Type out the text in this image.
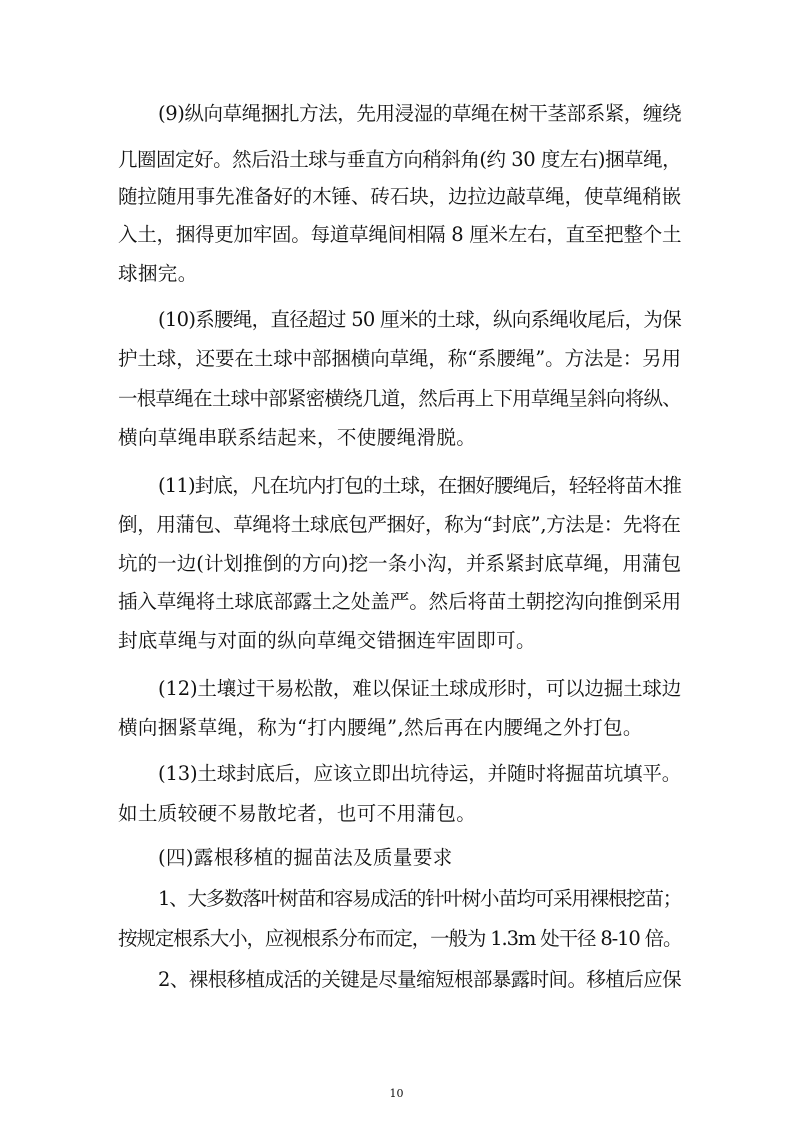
(9)纵向草绳捆扎方法，先用浸湿的草绳在树干茎部系紧，缠绕
几圈固定好。然后沿土球与垂直方向稍斜角(约 30 度左右)捆草绳，
随拉随用事先准备好的木锤、砖石块，边拉边敲草绳，使草绳稍嵌
入土，捆得更加牢固。每道草绳间相隔 8 厘米左右，直至把整个土
球捆完。
(10)系腰绳，直径超过 50 厘米的土球，纵向系绳收尾后，为保
护土球，还要在土球中部捆横向草绳，称“系腰绳”。方法是：另用
一根草绳在土球中部紧密横绕几道，然后再上下用草绳呈斜向将纵、
横向草绳串联系结起来，不使腰绳滑脱。
(11)封底，凡在坑内打包的土球，在捆好腰绳后，轻轻将苗木推
倒，用蒲包、草绳将土球底包严捆好，称为“封底”,方法是：先将在
坑的一边(计划推倒的方向)挖一条小沟，并系紧封底草绳，用蒲包
插入草绳将土球底部露土之处盖严。然后将苗土朝挖沟向推倒采用
封底草绳与对面的纵向草绳交错捆连牢固即可。
(12)土壤过干易松散，难以保证土球成形时，可以边掘土球边
横向捆紧草绳，称为“打内腰绳”,然后再在内腰绳之外打包。
(13)土球封底后，应该立即出坑待运，并随时将掘苗坑填平。
如土质较硬不易散坨者，也可不用蒲包。
(四)露根移植的掘苗法及质量要求
1、大多数落叶树苗和容易成活的针叶树小苗均可采用裸根挖苗；
按规定根系大小，应视根系分布而定，一般为 1.3m 处干径 8-10 倍。
2、裸根移植成活的关键是尽量缩短根部暴露时间。移植后应保
10
